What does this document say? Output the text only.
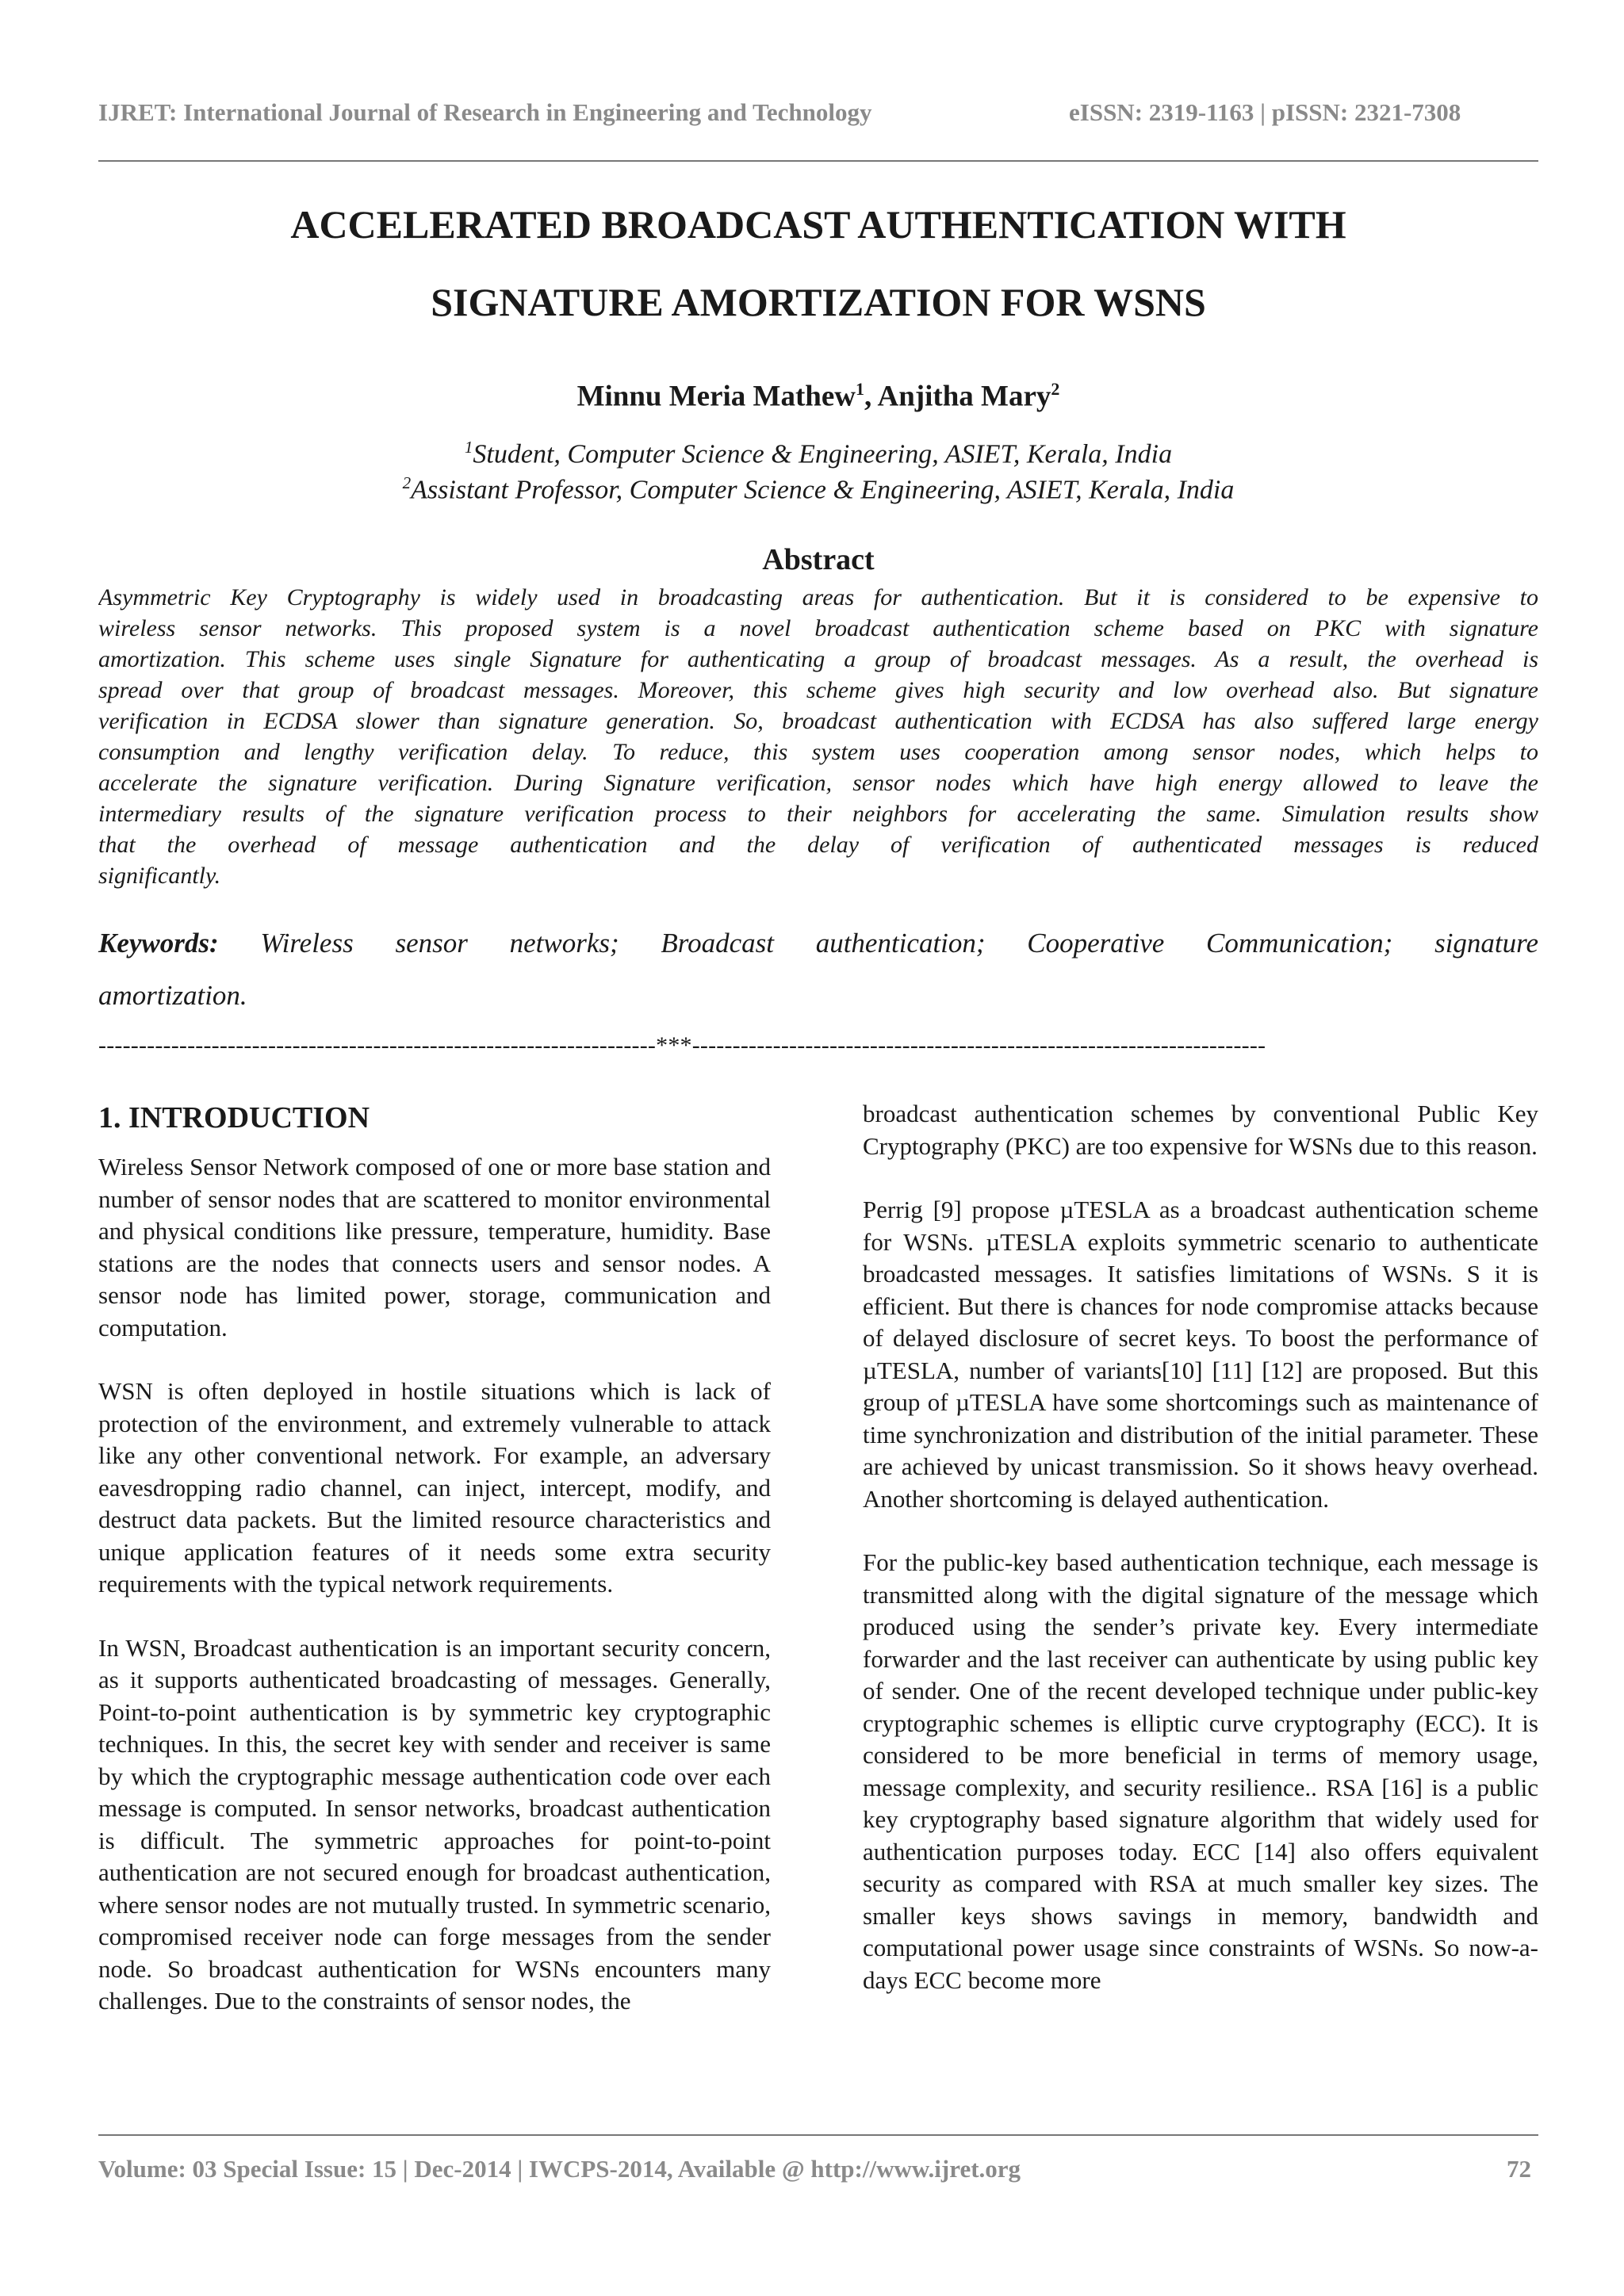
IJRET: International Journal of Research in Engineering and Technology	eISSN: 2319-1163 | pISSN: 2321-7308
ACCELERATED BROADCAST AUTHENTICATION WITH
SIGNATURE AMORTIZATION FOR WSNS
Minnu Meria Mathew$^1$, Anjitha Mary$^2$
$^1$Student, Computer Science & Engineering, ASIET, Kerala, India
$^2$Assistant Professor, Computer Science & Engineering, ASIET, Kerala, India
Abstract
Asymmetric Key Cryptography is widely used in broadcasting areas for authentication. But it is considered to be expensive to
wireless sensor networks. This proposed system is a novel broadcast authentication scheme based on PKC with signature
amortization. This scheme uses single Signature for authenticating a group of broadcast messages. As a result, the overhead is
spread over that group of broadcast messages. Moreover, this scheme gives high security and low overhead also. But signature
verification in ECDSA slower than signature generation. So, broadcast authentication with ECDSA has also suffered large energy
consumption and lengthy verification delay. To reduce, this system uses cooperation among sensor nodes, which helps to
accelerate the signature verification. During Signature verification, sensor nodes which have high energy allowed to leave the
intermediary results of the signature verification process to their neighbors for accelerating the same. Simulation results show
that the overhead of message authentication and the delay of verification of authenticated messages is reduced
significantly.
Keywords: Wireless sensor networks; Broadcast authentication; Cooperative Communication; signature
amortization.
---------------------------------------------------------------------***-----------------------------------------------------------------------
1. INTRODUCTION

Wireless Sensor Network composed of one or more base station and number of sensor nodes that are scattered to monitor environmental and physical conditions like pressure, temperature, humidity. Base stations are the nodes that connects users and sensor nodes. A sensor node has limited power, storage, communication and computation.

WSN is often deployed in hostile situations which is lack of protection of the environment, and extremely vulnerable to attack like any other conventional network. For example, an adversary eavesdropping radio channel, can inject, intercept, modify, and destruct data packets. But the limited resource characteristics and unique application features of it needs some extra security requirements with the typical network requirements.

In WSN, Broadcast authentication is an important security concern, as it supports authenticated broadcasting of messages. Generally, Point-to-point authentication is by symmetric key cryptographic techniques. In this, the secret key with sender and receiver is same by which the cryptographic message authentication code over each message is computed. In sensor networks, broadcast authentication is difficult. The symmetric approaches for point-to-point authentication are not secured enough for broadcast authentication, where sensor nodes are not mutually trusted. In symmetric scenario, compromised receiver node can forge messages from the sender node. So broadcast authentication for WSNs encounters many challenges. Due to the constraints of sensor nodes, the

broadcast authentication schemes by conventional Public Key Cryptography (PKC) are too expensive for WSNs due to this reason.

Perrig [9] propose µTESLA as a broadcast authentication scheme for WSNs. µTESLA exploits symmetric scenario to authenticate broadcasted messages. It satisfies limitations of WSNs. S it is efficient. But there is chances for node compromise attacks because of delayed disclosure of secret keys. To boost the performance of µTESLA, number of variants[10] [11] [12] are proposed. But this group of µTESLA have some shortcomings such as maintenance of time synchronization and distribution of the initial parameter. These are achieved by unicast transmission. So it shows heavy overhead. Another shortcoming is delayed authentication.

For the public-key based authentication technique, each message is transmitted along with the digital signature of the message which produced using the sender’s private key. Every intermediate forwarder and the last receiver can authenticate by using public key of sender. One of the recent developed technique under public-key cryptographic schemes is elliptic curve cryptography (ECC). It is considered to be more beneficial in terms of memory usage, message complexity, and security resilience.. RSA [16] is a public key cryptography based signature algorithm that widely used for authentication purposes today. ECC [14] also offers equivalent security as compared with RSA at much smaller key sizes. The smaller keys shows savings in memory, bandwidth and computational power usage since constraints of WSNs. So now-a-days ECC become more

Volume: 03 Special Issue: 15 | Dec-2014 | IWCPS-2014, Available @ http://www.ijret.org	72
